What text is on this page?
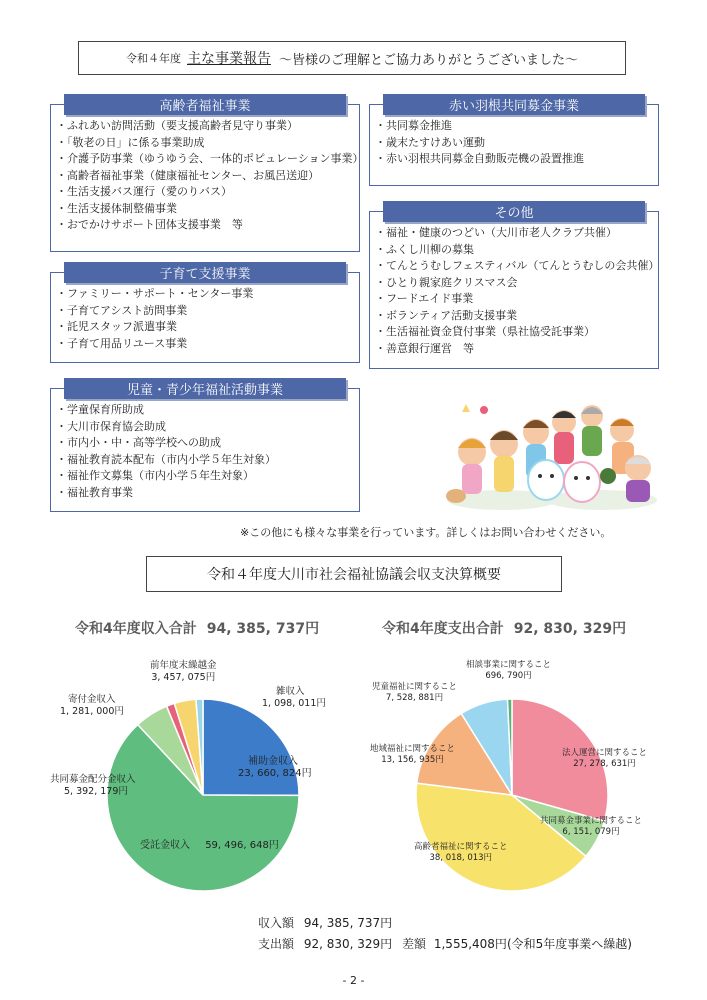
令和４年度 主な事業報告 ～皆様のご理解とご協力ありがとうございました～
高齢者福祉事業
・ふれあい訪問活動（要支援高齢者見守り事業）
・「敬老の日」に係る事業助成
・介護予防事業（ゆうゆう会、一体的ポピュレーション事業）
・高齢者福祉事業（健康福祉センター、お風呂送迎）
・生活支援バス運行（愛のりバス）
・生活支援体制整備事業
・おでかけサポート団体支援事業　等
赤い羽根共同募金事業
・共同募金推進
・歳末たすけあい運動
・赤い羽根共同募金自動販売機の設置推進
その他
・福祉・健康のつどい（大川市老人クラブ共催）
・ふくし川柳の募集
・てんとうむしフェスティバル（てんとうむしの会共催）
・ひとり親家庭クリスマス会
・フードエイド事業
・ボランティア活動支援事業
・生活福祉資金貸付事業（県社協受託事業）
・善意銀行運営　等
子育て支援事業
・ファミリー・サポート・センター事業
・子育てアシスト訪問事業
・託児スタッフ派遣事業
・子育て用品リユース事業
児童・青少年福祉活動事業
・学童保育所助成
・大川市保育協会助成
・市内小・中・高等学校への助成
・福祉教育読本配布（市内小学５年生対象）
・福祉作文募集（市内小学５年生対象）
・福祉教育事業
※この他にも様々な事業を行っています。詳しくはお問い合わせください。
令和４年度大川市社会福祉協議会収支決算概要
令和4年度収入合計 94, 385, 737円	令和4年度支出合計 92, 830, 329円
前年度末繰越金
3, 457, 075円
雑収入
1, 098, 011円
寄付金収入
1, 281, 000円
補助金収入
23, 660, 824円
共同募金配分金収入
5, 392, 179円
受託金収入 59, 496, 648円
相談事業に関すること
696, 790円
児童福祉に関すること
7, 528, 881円
地域福祉に関すること
13, 156, 935円
法人運営に関すること
27, 278, 631円
共同募金事業に関すること
6, 151, 079円
高齢者福祉に関すること
38, 018, 013円
収入額 94, 385, 737円
支出額 92, 830, 329円 差額 1,555,408円(令和5年度事業へ繰越)
- 2 -
